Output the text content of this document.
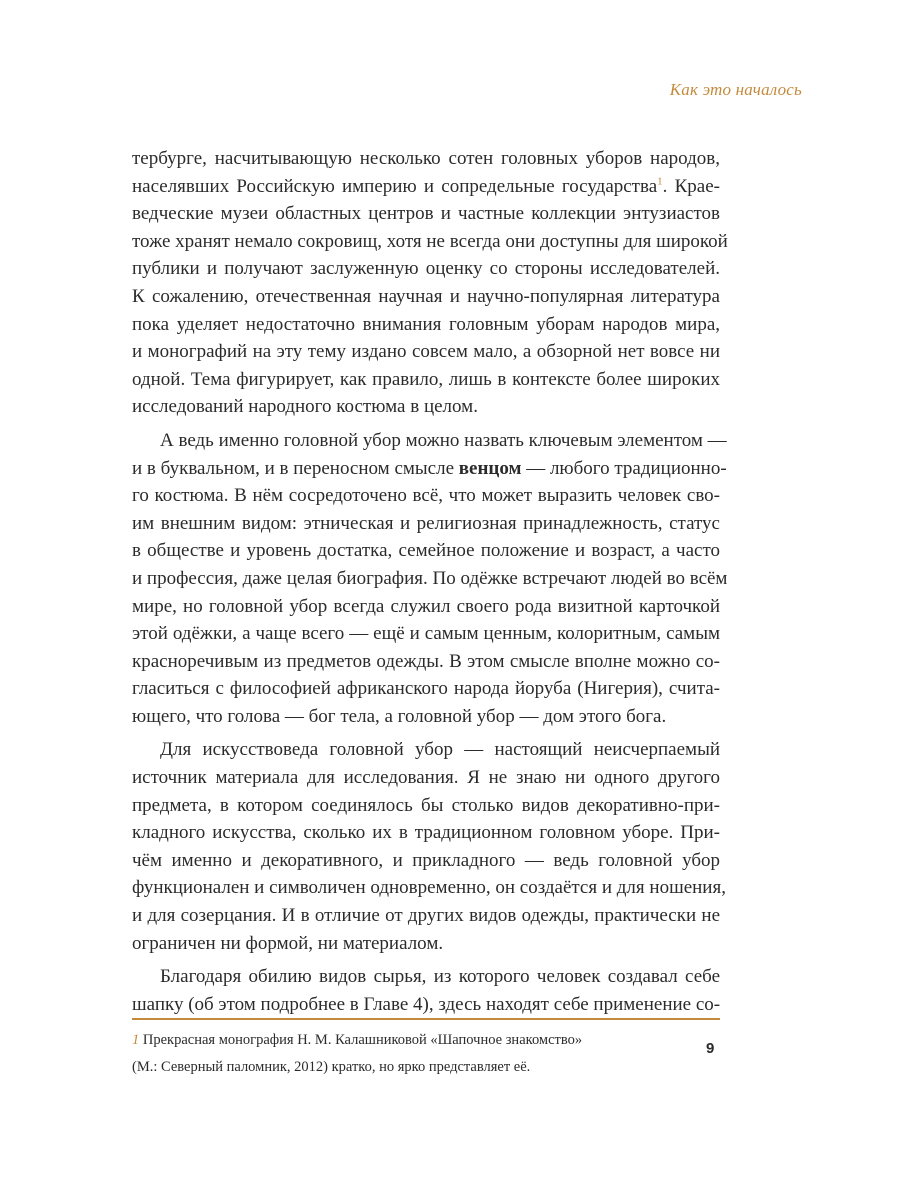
Как это началось
тербурге, насчитывающую несколько сотен головных уборов народов,
населявших Российскую империю и сопредельные государства$^1$. Крае-
ведческие музеи областных центров и частные коллекции энтузиастов
тоже хранят немало сокровищ, хотя не всегда они доступны для широкой
публики и получают заслуженную оценку со стороны исследователей.
К сожалению, отечественная научная и научно-популярная литература
пока уделяет недостаточно внимания головным уборам народов мира,
и монографий на эту тему издано совсем мало, а обзорной нет вовсе ни
одной. Тема фигурирует, как правило, лишь в контексте более широких
исследований народного костюма в целом.
А ведь именно головной убор можно назвать ключевым элементом —
и в буквальном, и в переносном смысле венцом — любого традиционно-
го костюма. В нём сосредоточено всё, что может выразить человек сво-
им внешним видом: этническая и религиозная принадлежность, статус
в обществе и уровень достатка, семейное положение и возраст, а часто
и профессия, даже целая биография. По одёжке встречают людей во всём
мире, но головной убор всегда служил своего рода визитной карточкой
этой одёжки, а чаще всего — ещё и самым ценным, колоритным, самым
красноречивым из предметов одежды. В этом смысле вполне можно со-
гласиться с философией африканского народа йоруба (Нигерия), счита-
ющего, что голова — бог тела, а головной убор — дом этого бога.
Для искусствоведа головной убор — настоящий неисчерпаемый
источник материала для исследования. Я не знаю ни одного другого
предмета, в котором соединялось бы столько видов декоративно-при-
кладного искусства, сколько их в традиционном головном уборе. При-
чём именно и декоративного, и прикладного — ведь головной убор
функционален и символичен одновременно, он создаётся и для ношения,
и для созерцания. И в отличие от других видов одежды, практически не
ограничен ни формой, ни материалом.
Благодаря обилию видов сырья, из которого человек создавал себе
шапку (об этом подробнее в Главе 4), здесь находят себе применение со-
1 Прекрасная монография Н. М. Калашниковой «Шапочное знакомство»
(М.: Северный паломник, 2012) кратко, но ярко представляет её.
9
